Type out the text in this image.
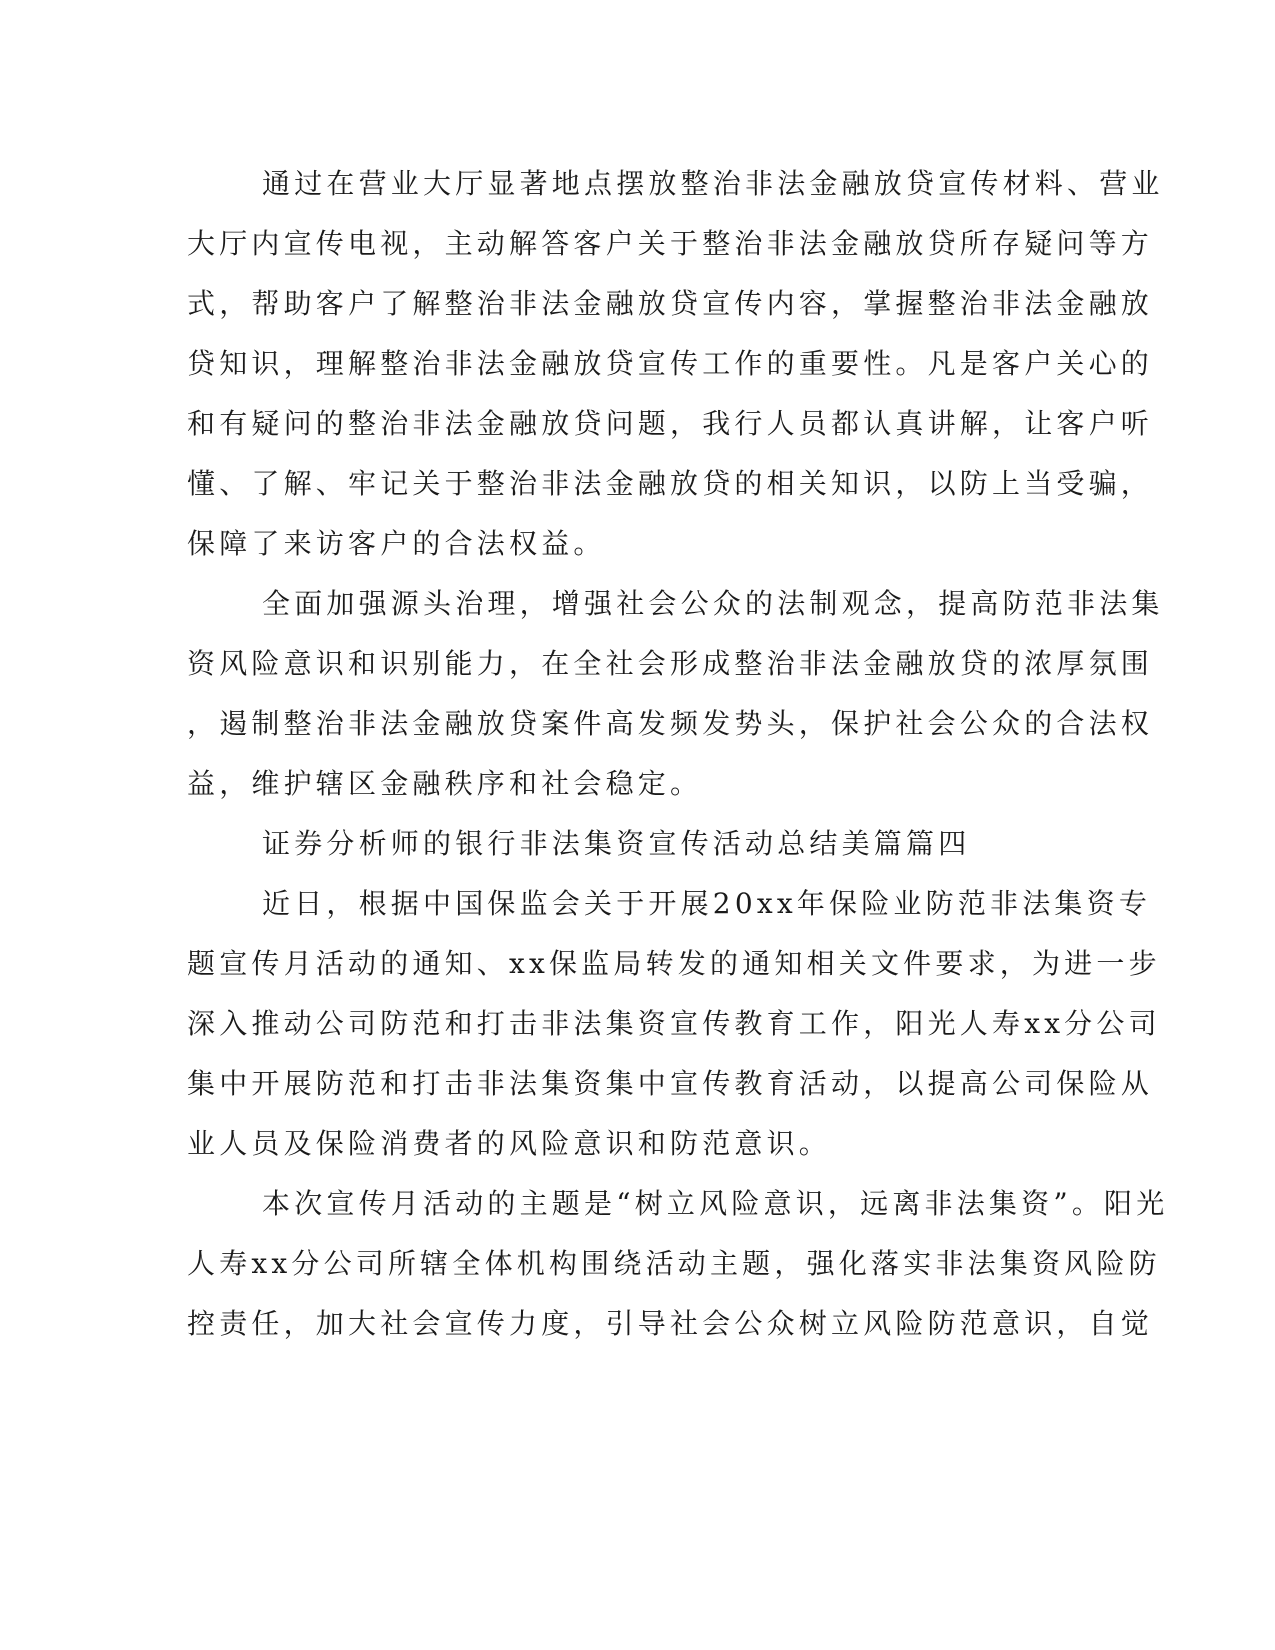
通过在营业大厅显著地点摆放整治非法金融放贷宣传材料、营业

大厅内宣传电视，主动解答客户关于整治非法金融放贷所存疑问等方

式，帮助客户了解整治非法金融放贷宣传内容，掌握整治非法金融放

贷知识，理解整治非法金融放贷宣传工作的重要性。凡是客户关心的

和有疑问的整治非法金融放贷问题，我行人员都认真讲解，让客户听

懂、了解、牢记关于整治非法金融放贷的相关知识，以防上当受骗，

保障了来访客户的合法权益。

全面加强源头治理，增强社会公众的法制观念，提高防范非法集

资风险意识和识别能力，在全社会形成整治非法金融放贷的浓厚氛围

，遏制整治非法金融放贷案件高发频发势头，保护社会公众的合法权

益，维护辖区金融秩序和社会稳定。

证券分析师的银行非法集资宣传活动总结美篇篇四

近日，根据中国保监会关于开展20xx年保险业防范非法集资专

题宣传月活动的通知、xx保监局转发的通知相关文件要求，为进一步

深入推动公司防范和打击非法集资宣传教育工作，阳光人寿xx分公司

集中开展防范和打击非法集资集中宣传教育活动，以提高公司保险从

业人员及保险消费者的风险意识和防范意识。

本次宣传月活动的主题是“树立风险意识，远离非法集资”。阳光

人寿xx分公司所辖全体机构围绕活动主题，强化落实非法集资风险防

控责任，加大社会宣传力度，引导社会公众树立风险防范意识，自觉
